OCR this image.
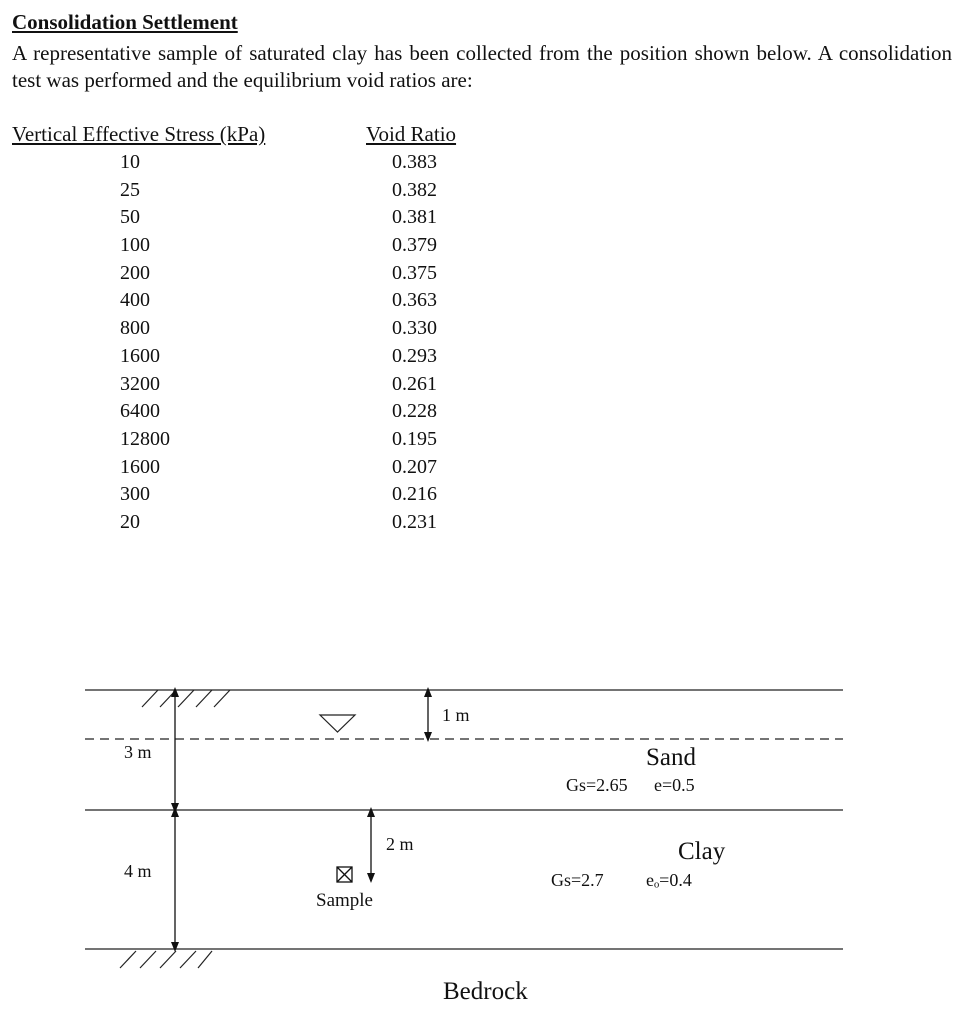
Consolidation Settlement
A representative sample of saturated clay has been collected from the position shown below. A consolidation test was performed and the equilibrium void ratios are:
Vertical Effective Stress (kPa)	Void Ratio
10	0.383
25	0.382
50	0.381
100	0.379
200	0.375
400	0.363
800	0.330
1600	0.293
3200	0.261
6400	0.228
12800	0.195
1600	0.207
300	0.216
20	0.231
1 m
3 m
4 m
2 m
Sample
Sand
Gs=2.65 e=0.5
Clay
Gs=2.7 eₒ=0.4
Bedrock
